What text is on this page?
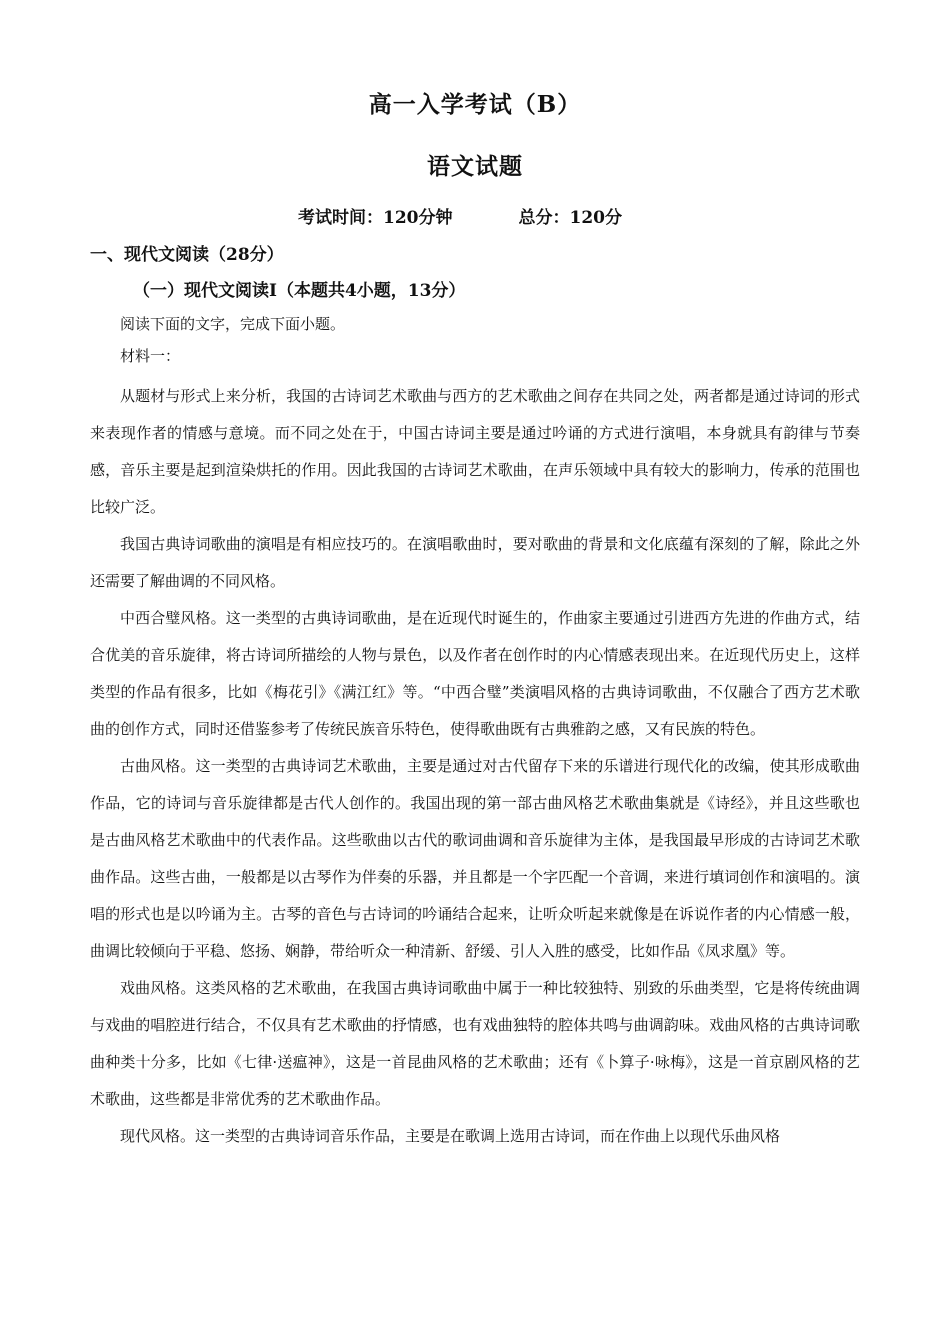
高一入学考试（B）
语文试题
考试时间：120分钟	总分：120分
一、现代文阅读（28分）
（一）现代文阅读Ⅰ（本题共4小题，13分）
阅读下面的文字，完成下面小题。
材料一：

从题材与形式上来分析，我国的古诗词艺术歌曲与西方的艺术歌曲之间存在共同之处，两者都是通过诗词的形式来表现作者的情感与意境。而不同之处在于，中国古诗词主要是通过吟诵的方式进行演唱，本身就具有韵律与节奏感，音乐主要是起到渲染烘托的作用。因此我国的古诗词艺术歌曲，在声乐领域中具有较大的影响力，传承的范围也比较广泛。

我国古典诗词歌曲的演唱是有相应技巧的。在演唱歌曲时，要对歌曲的背景和文化底蕴有深刻的了解，除此之外还需要了解曲调的不同风格。

中西合璧风格。这一类型的古典诗词歌曲，是在近现代时诞生的，作曲家主要通过引进西方先进的作曲方式，结合优美的音乐旋律，将古诗词所描绘的人物与景色，以及作者在创作时的内心情感表现出来。在近现代历史上，这样类型的作品有很多，比如《梅花引》《满江红》等。“中西合璧”类演唱风格的古典诗词歌曲，不仅融合了西方艺术歌曲的创作方式，同时还借鉴参考了传统民族音乐特色，使得歌曲既有古典雅韵之感，又有民族的特色。

古曲风格。这一类型的古典诗词艺术歌曲，主要是通过对古代留存下来的乐谱进行现代化的改编，使其形成歌曲作品，它的诗词与音乐旋律都是古代人创作的。我国出现的第一部古曲风格艺术歌曲集就是《诗经》，并且这些歌也是古曲风格艺术歌曲中的代表作品。这些歌曲以古代的歌词曲调和音乐旋律为主体，是我国最早形成的古诗词艺术歌曲作品。这些古曲，一般都是以古琴作为伴奏的乐器，并且都是一个字匹配一个音调，来进行填词创作和演唱的。演唱的形式也是以吟诵为主。古琴的音色与古诗词的吟诵结合起来，让听众听起来就像是在诉说作者的内心情感一般，曲调比较倾向于平稳、悠扬、娴静，带给听众一种清新、舒缓、引人入胜的感受，比如作品《凤求凰》等。

戏曲风格。这类风格的艺术歌曲，在我国古典诗词歌曲中属于一种比较独特、别致的乐曲类型，它是将传统曲调与戏曲的唱腔进行结合，不仅具有艺术歌曲的抒情感，也有戏曲独特的腔体共鸣与曲调韵味。戏曲风格的古典诗词歌曲种类十分多，比如《七律·送瘟神》，这是一首昆曲风格的艺术歌曲；还有《卜算子·咏梅》，这是一首京剧风格的艺术歌曲，这些都是非常优秀的艺术歌曲作品。

现代风格。这一类型的古典诗词音乐作品，主要是在歌调上选用古诗词，而在作曲上以现代乐曲风格
